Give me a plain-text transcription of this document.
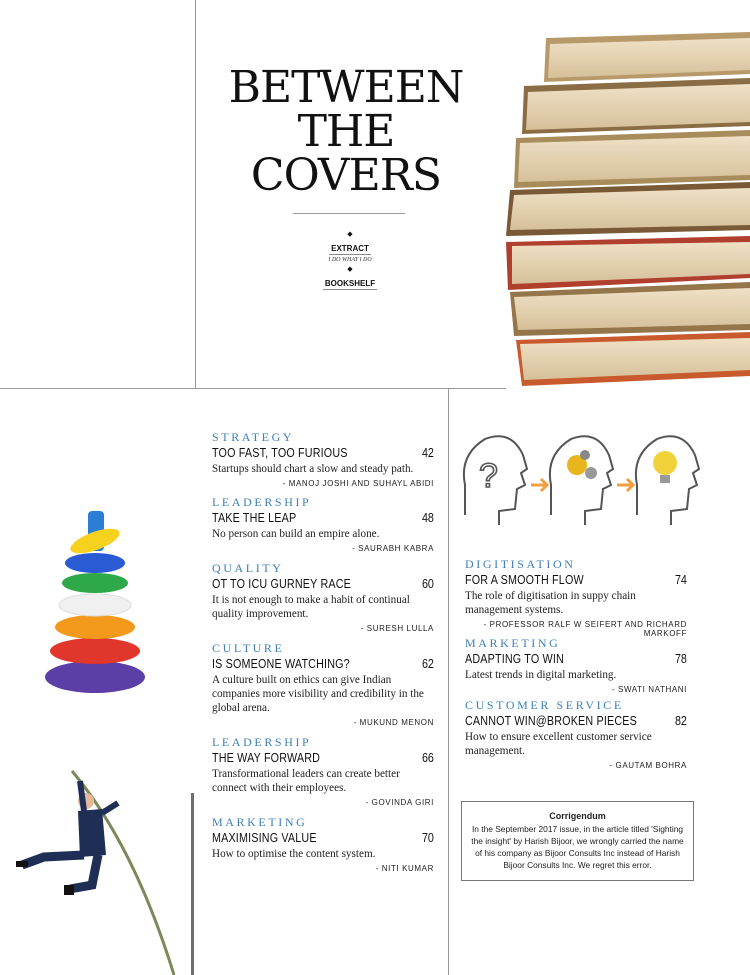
BETWEEN
THE
COVERS
◆
EXTRACT
I DO WHAT I DO
◆
BOOKSHELF
STRATEGY
TOO FAST, TOO FURIOUS	42
Startups should chart a slow and steady path.
- MANOJ JOSHI AND SUHAYL ABIDI
LEADERSHIP
TAKE THE LEAP	48
No person can build an empire alone.
- SAURABH KABRA
QUALITY
OT TO ICU GURNEY RACE	60
It is not enough to make a habit of continual quality improvement.
- SURESH LULLA
CULTURE
IS SOMEONE WATCHING?	62
A culture built on ethics can give Indian companies more visibility and credibility in the global arena.
- MUKUND MENON
LEADERSHIP
THE WAY FORWARD	66
Transformational leaders can create better connect with their employees.
- GOVINDA GIRI
MARKETING
MAXIMISING VALUE	70
How to optimise the content system.
- NITI KUMAR
?
DIGITISATION
FOR A SMOOTH FLOW	74
The role of digitisation in suppy chain management systems.
- PROFESSOR RALF W SEIFERT AND RICHARD MARKOFF
MARKETING
ADAPTING TO WIN	78
Latest trends in digital marketing.
- SWATI NATHANI
CUSTOMER SERVICE
CANNOT WIN@BROKEN PIECES	82
How to ensure excellent customer service management.
- GAUTAM BOHRA
Corrigendum
In the September 2017 issue, in the article titled 'Sighting the insight' by Harish Bijoor, we wrongly carried the name of his company as Bijoor Consults Inc instead of Harish Bijoor Consults Inc. We regret this error.
